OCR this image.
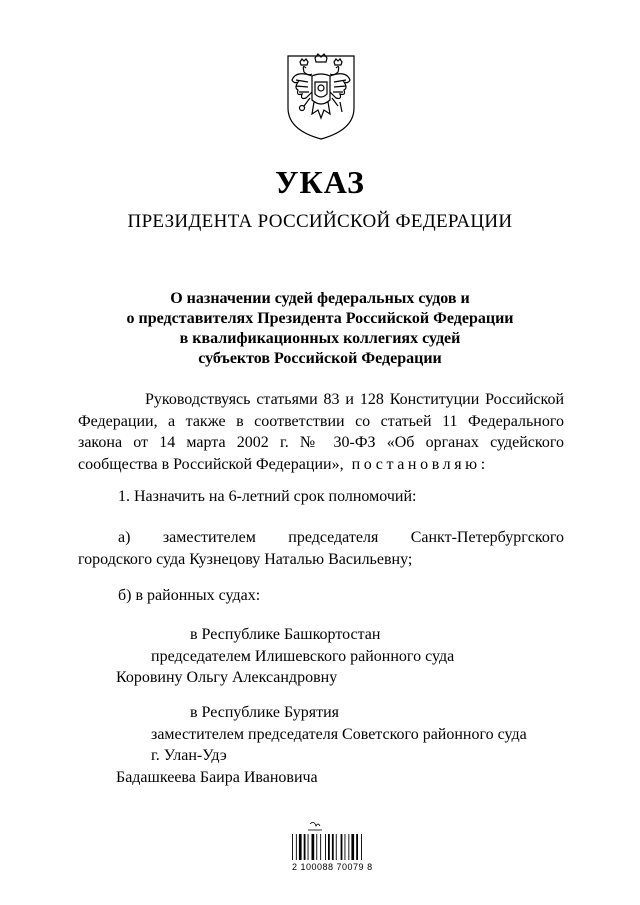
УКАЗ
ПРЕЗИДЕНТА РОССИЙСКОЙ ФЕДЕРАЦИИ
О назначении судей федеральных судов и
о представителях Президента Российской Федерации
в квалификационных коллегиях судей
субъектов Российской Федерации
Руководствуясь статьями 83 и 128 Конституции Российской
Федерации, а также в соответствии со статьей 11 Федерального
закона от 14 марта 2002 г. № 30-ФЗ «Об органах судейского
сообщества в Российской Федерации», постановляю:
1. Назначить на 6-летний срок полномочий:
а) заместителем председателя Санкт-Петербургского
городского суда Кузнецову Наталью Васильевну;
б) в районных судах:
в Республике Башкортостан
председателем Илишевского районного суда
Коровину Ольгу Александровну
в Республике Бурятия
заместителем председателя Советского районного суда
г. Улан-Удэ
Бадашкеева Баира Ивановича
2 100088 70079 8
